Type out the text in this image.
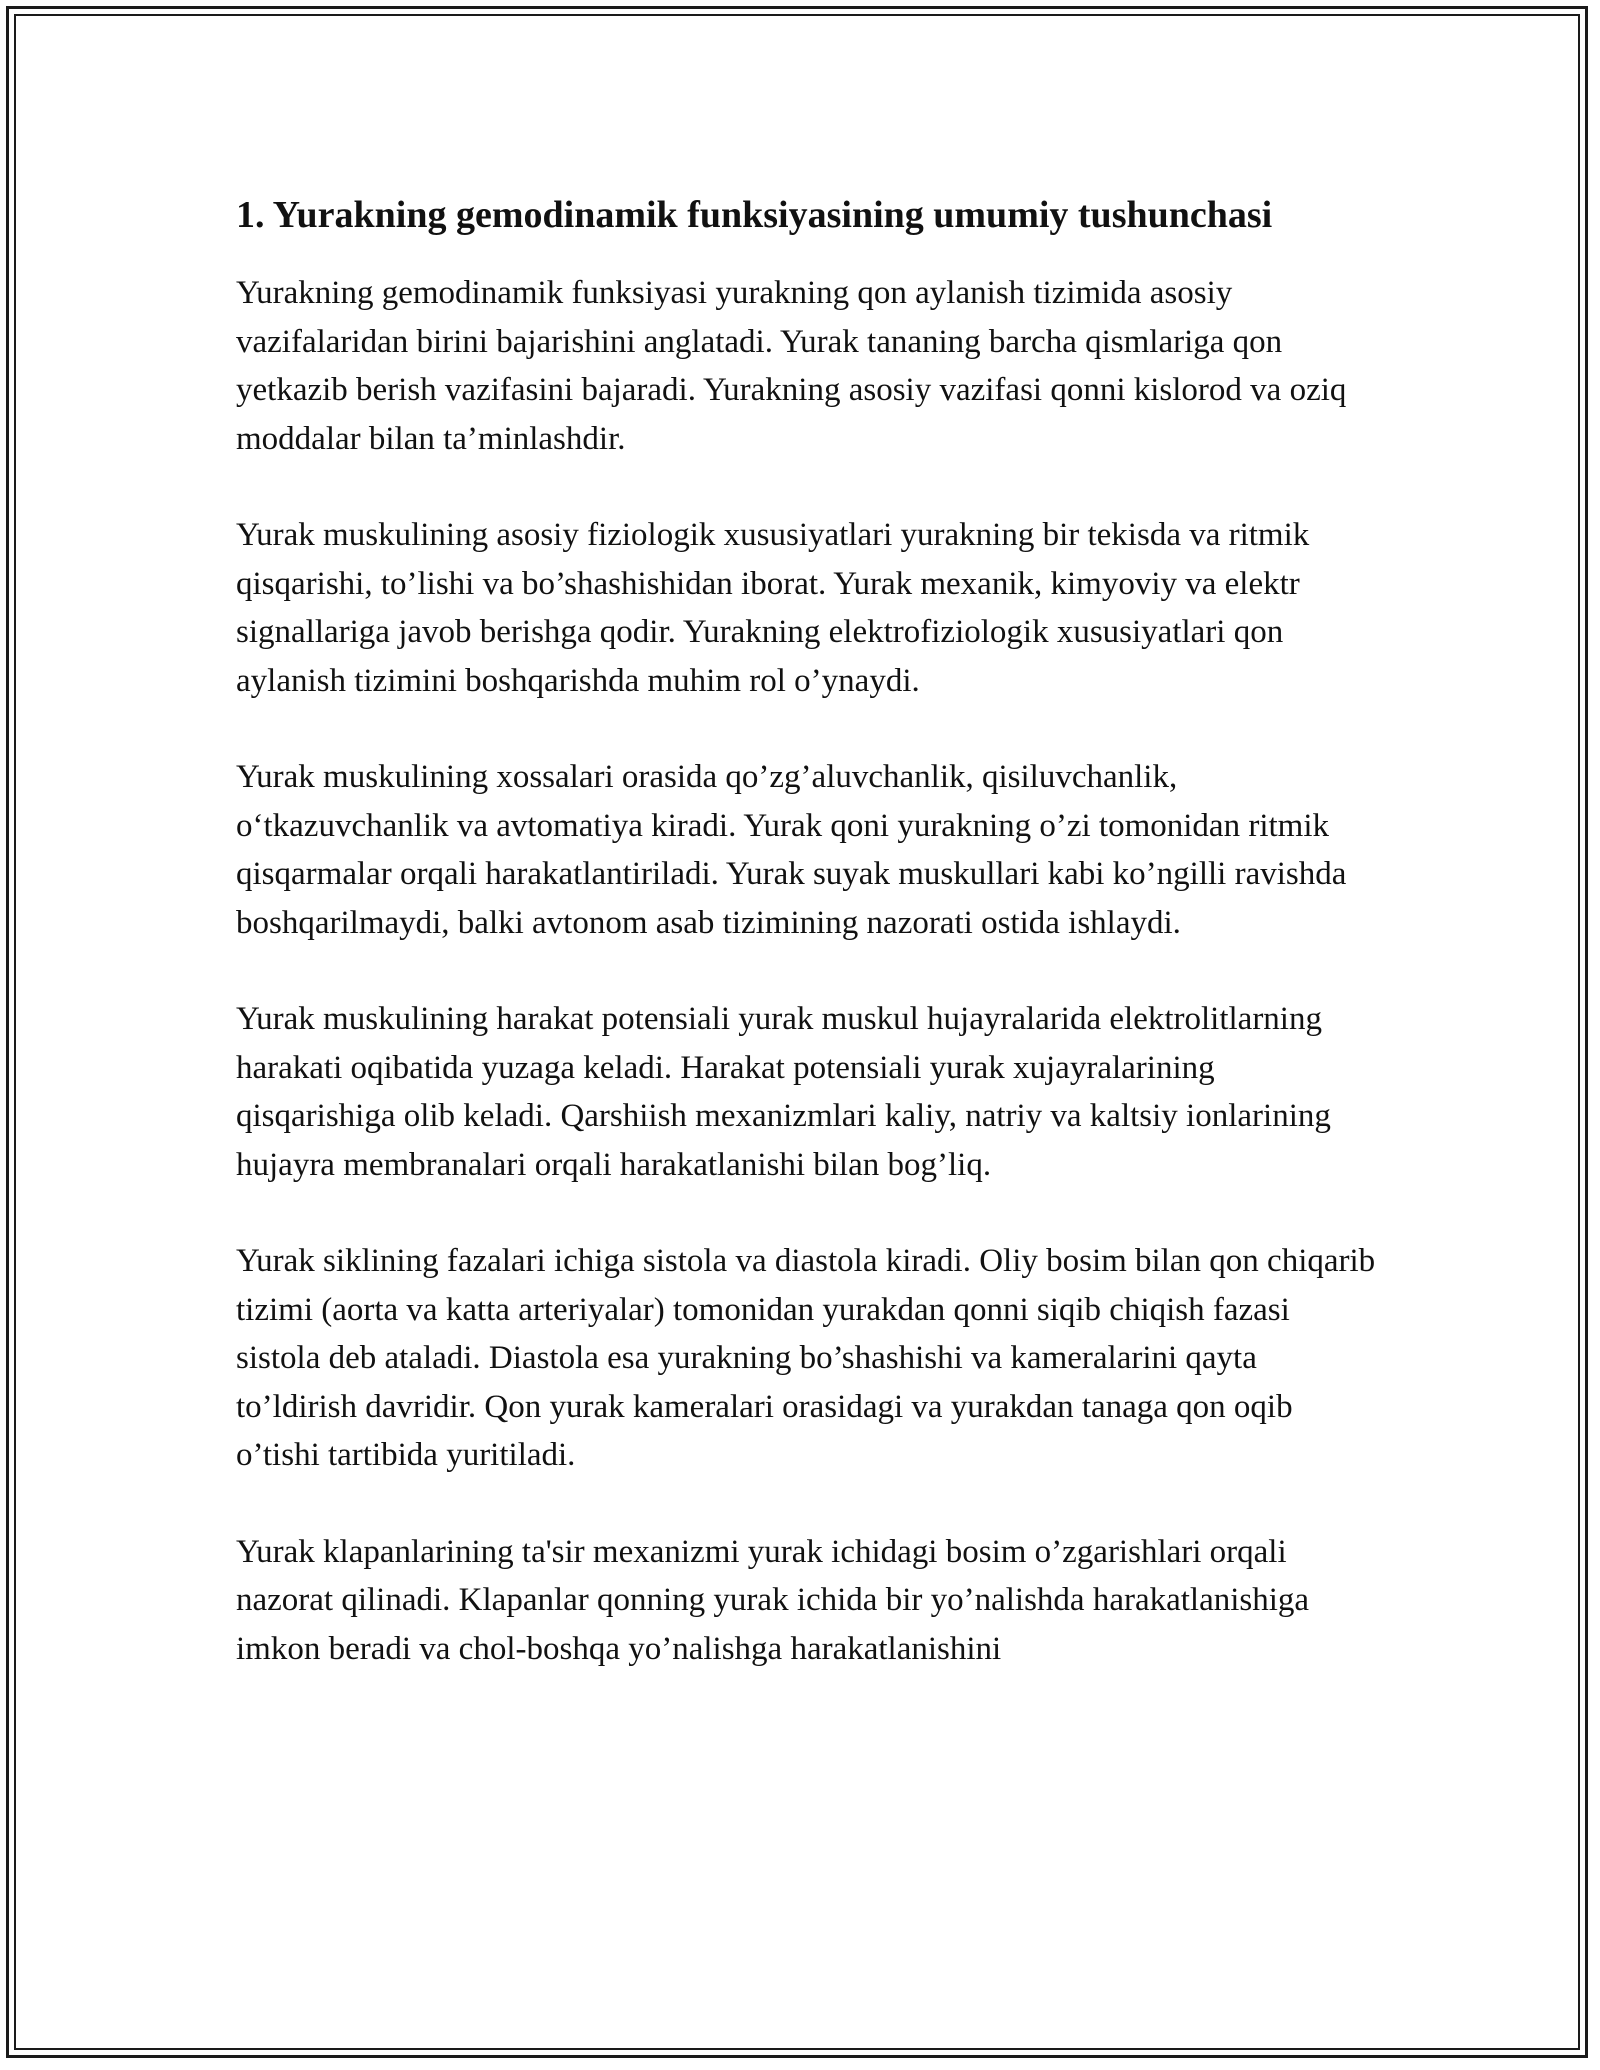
1. Yurakning gemodinamik funksiyasining umumiy tushunchasi

Yurakning gemodinamik funksiyasi yurakning qon aylanish tizimida asosiy vazifalaridan birini bajarishini anglatadi. Yurak tananing barcha qismlariga qon yetkazib berish vazifasini bajaradi. Yurakning asosiy vazifasi qonni kislorod va oziq moddalar bilan ta’minlashdir.

Yurak muskulining asosiy fiziologik xususiyatlari yurakning bir tekisda va ritmik qisqarishi, to’lishi va bo’shashishidan iborat. Yurak mexanik, kimyoviy va elektr signallariga javob berishga qodir. Yurakning elektrofiziologik xususiyatlari qon aylanish tizimini boshqarishda muhim rol o’ynaydi.

Yurak muskulining xossalari orasida qo’zg’aluvchanlik, qisiluvchanlik, o‘tkazuvchanlik va avtomatiya kiradi. Yurak qoni yurakning o’zi tomonidan ritmik qisqarmalar orqali harakatlantiriladi. Yurak suyak muskullari kabi ko’ngilli ravishda boshqarilmaydi, balki avtonom asab tizimining nazorati ostida ishlaydi.

Yurak muskulining harakat potensiali yurak muskul hujayralarida elektrolitlarning harakati oqibatida yuzaga keladi. Harakat potensiali yurak xujayralarining qisqarishiga olib keladi. Qarshiish mexanizmlari kaliy, natriy va kaltsiy ionlarining hujayra membranalari orqali harakatlanishi bilan bog’liq.

Yurak siklining fazalari ichiga sistola va diastola kiradi. Oliy bosim bilan qon chiqarib tizimi (aorta va katta arteriyalar) tomonidan yurakdan qonni siqib chiqish fazasi sistola deb ataladi. Diastola esa yurakning bo’shashishi va kameralarini qayta to’ldirish davridir. Qon yurak kameralari orasidagi va yurakdan tanaga qon oqib o’tishi tartibida yuritiladi.

Yurak klapanlarining ta'sir mexanizmi yurak ichidagi bosim o’zgarishlari orqali nazorat qilinadi. Klapanlar qonning yurak ichida bir yo’nalishda harakatlanishiga imkon beradi va chol-boshqa yo’nalishga harakatlanishini
